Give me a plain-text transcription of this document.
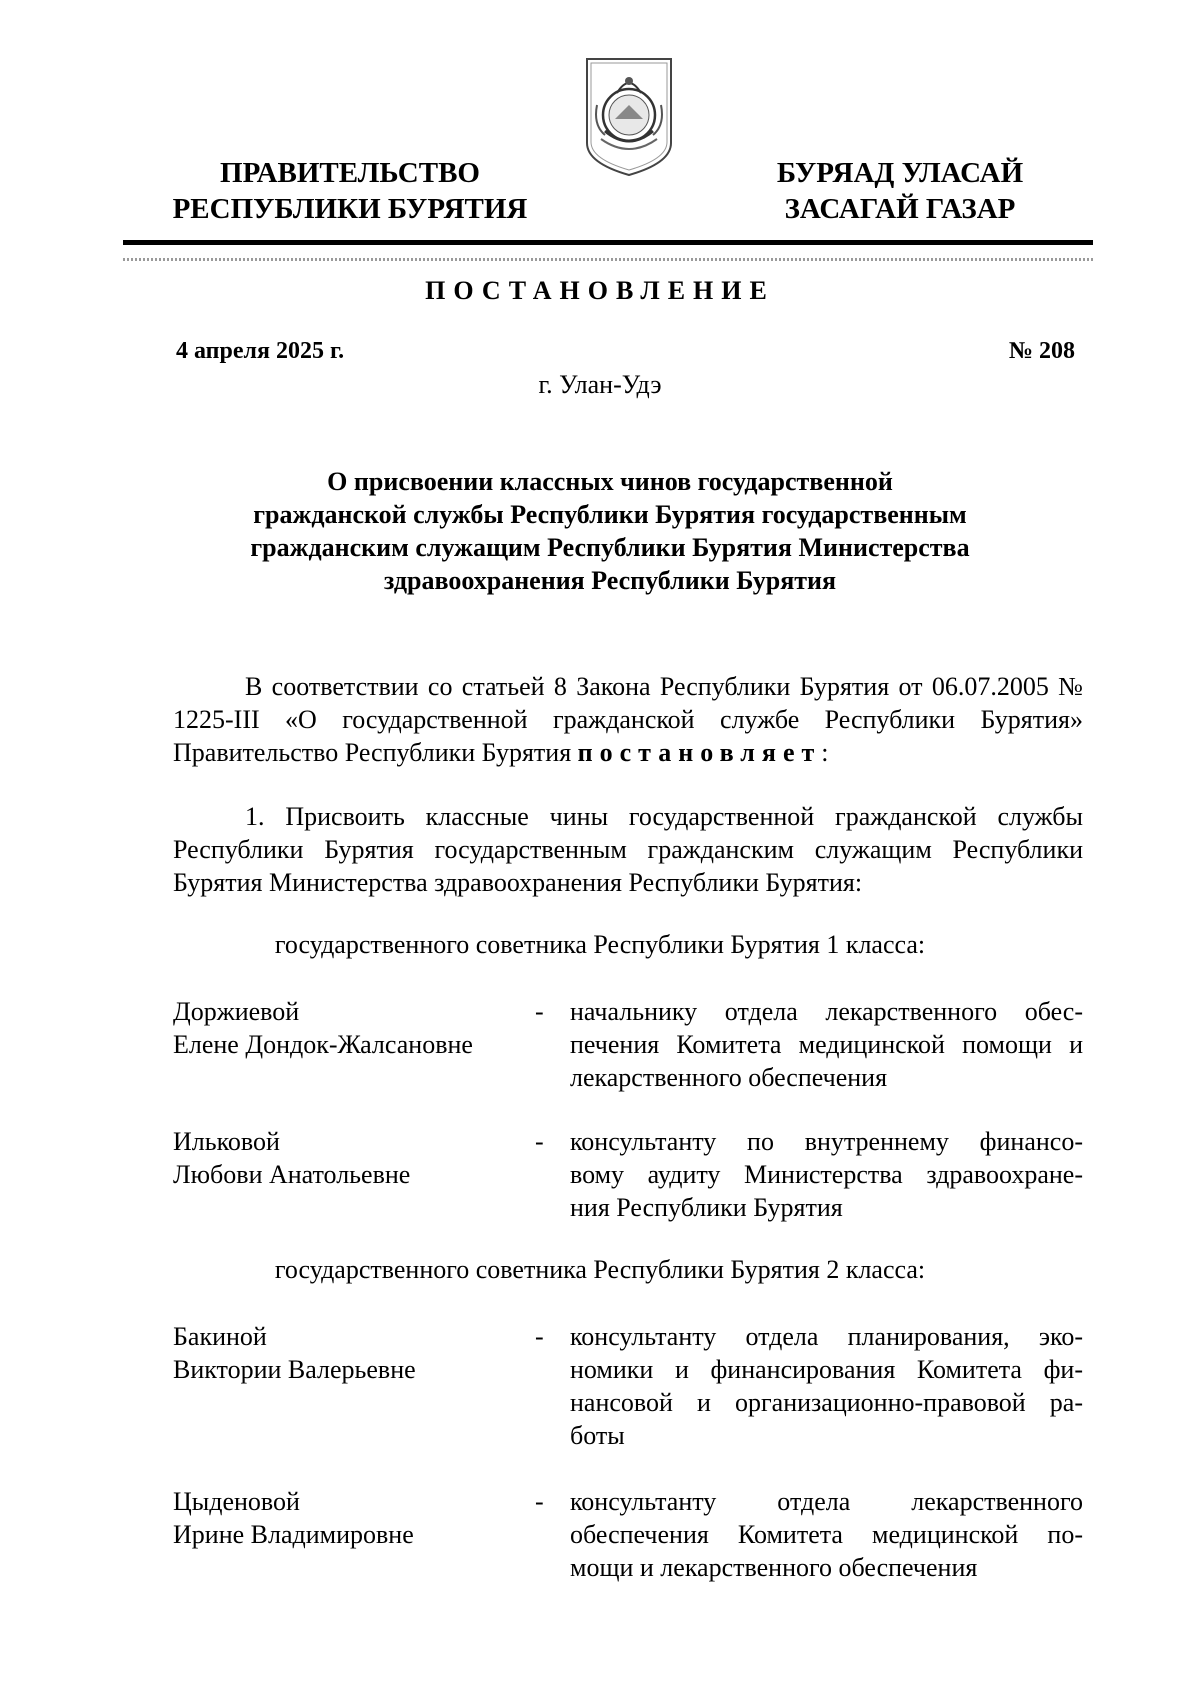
ПРАВИТЕЛЬСТВО
РЕСПУБЛИКИ БУРЯТИЯ
БУРЯАД УЛАСАЙ
ЗАСАГАЙ ГАЗАР
ПОСТАНОВЛЕНИЕ
4 апреля 2025 г.	№ 208
г. Улан-Удэ
О присвоении классных чинов государственной
гражданской службы Республики Бурятия государственным
гражданским служащим Республики Бурятия Министерства
здравоохранения Республики Бурятия
В соответствии со статьей 8 Закона Республики Бурятия от 06.07.2005 № 1225-III «О государственной гражданской службе Республики Бурятия» Правительство Республики Бурятия постановляет:
1. Присвоить классные чины государственной гражданской службы Республики Бурятия государственным гражданским служащим Республики Бурятия Министерства здравоохранения Республики Бурятия:
государственного советника Республики Бурятия 1 класса:
Доржиевой
Елене Дондок-Жалсановне
- начальнику отдела лекарственного обес-
печения Комитета медицинской помощи и
лекарственного обеспечения
Ильковой
Любови Анатольевне
- консультанту по внутреннему финансо-
вому аудиту Министерства здравоохране-
ния Республики Бурятия
государственного советника Республики Бурятия 2 класса:
Бакиной
Виктории Валерьевне
- консультанту отдела планирования, эко-
номики и финансирования Комитета фи-
нансовой и организационно-правовой ра-
боты
Цыденовой
Ирине Владимировне
- консультанту отдела лекарственного
обеспечения Комитета медицинской по-
мощи и лекарственного обеспечения
